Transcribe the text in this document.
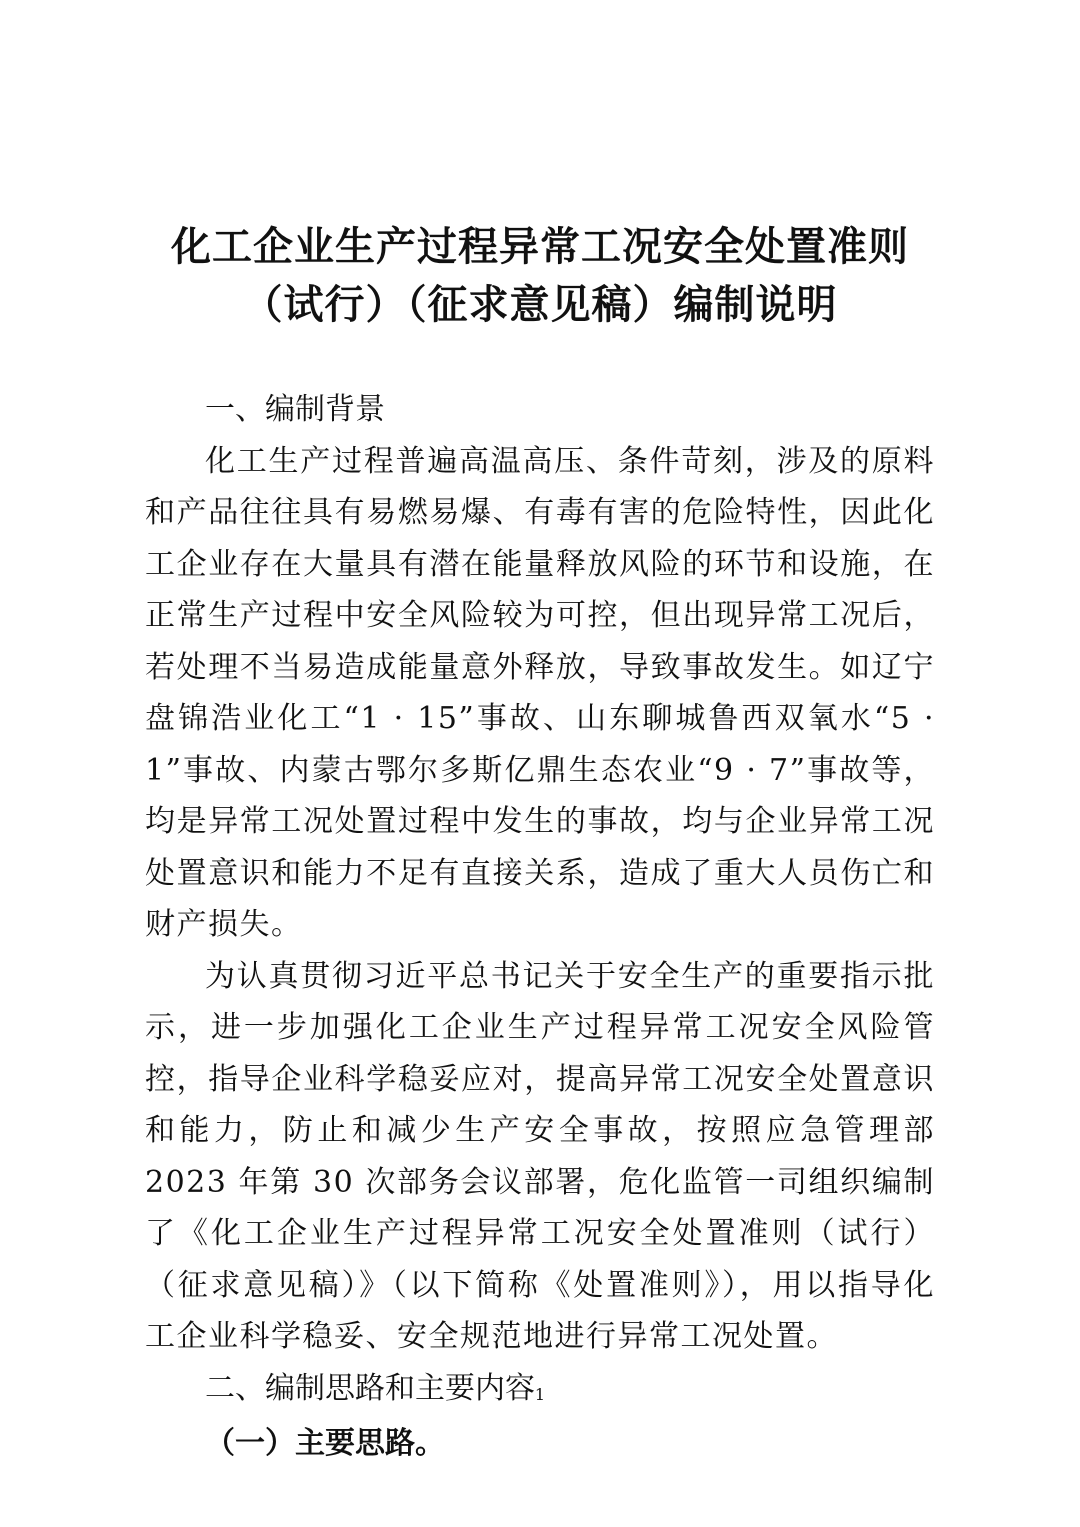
化工企业生产过程异常工况安全处置准则
（试行）（征求意见稿）编制说明
一、编制背景

化工生产过程普遍高温高压、条件苛刻，涉及的原料和产品往往具有易燃易爆、有毒有害的危险特性，因此化工企业存在大量具有潜在能量释放风险的环节和设施，在正常生产过程中安全风险较为可控，但出现异常工况后，若处理不当易造成能量意外释放，导致事故发生。如辽宁盘锦浩业化工“1 · 15”事故、山东聊城鲁西双氧水“5 · 1”事故、内蒙古鄂尔多斯亿鼎生态农业“9 · 7”事故等，均是异常工况处置过程中发生的事故，均与企业异常工况处置意识和能力不足有直接关系，造成了重大人员伤亡和财产损失。

为认真贯彻习近平总书记关于安全生产的重要指示批示，进一步加强化工企业生产过程异常工况安全风险管控，指导企业科学稳妥应对，提高异常工况安全处置意识和能力，防止和减少生产安全事故，按照应急管理部 2023 年第 30 次部务会议部署，危化监管一司组织编制了《化工企业生产过程异常工况安全处置准则（试行）（征求意见稿）》（以下简称《处置准则》），用以指导化工企业科学稳妥、安全规范地进行异常工况处置。

二、编制思路和主要内容
（一）主要思路。
1
